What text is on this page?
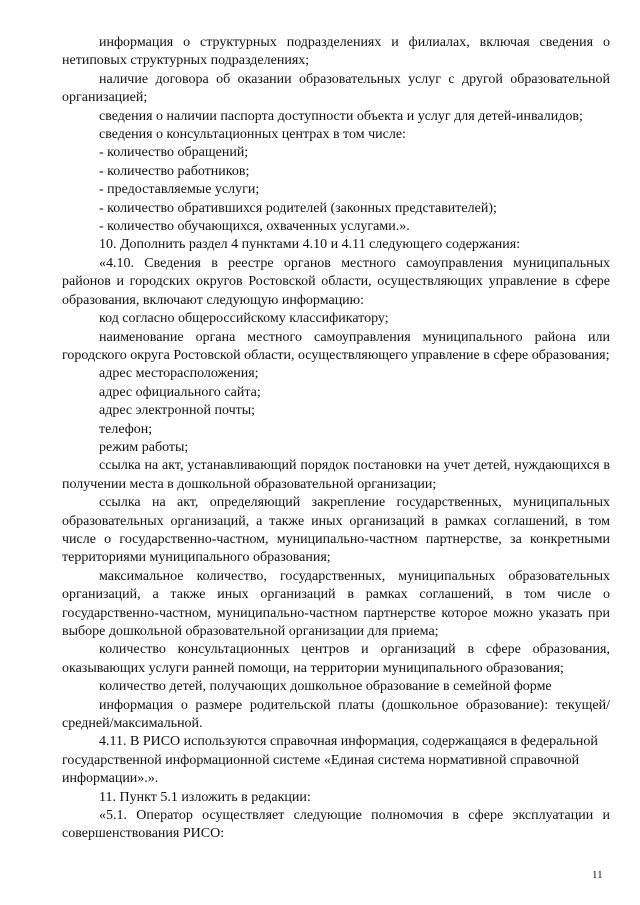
информация о структурных подразделениях и филиалах, включая сведения о нетиповых структурных подразделениях;

наличие договора об оказании образовательных услуг с другой образовательной организацией;

сведения о наличии паспорта доступности объекта и услуг для детей-инвалидов;

сведения о консультационных центрах в том числе:

- количество обращений;

- количество работников;

- предоставляемые услуги;

- количество обратившихся родителей (законных представителей);

- количество обучающихся, охваченных услугами.».

10. Дополнить раздел 4 пунктами 4.10 и 4.11 следующего содержания:

«4.10. Сведения в реестре органов местного самоуправления муниципальных районов и городских округов Ростовской области, осуществляющих управление в сфере образования, включают следующую информацию:

код согласно общероссийскому классификатору;

наименование органа местного самоуправления муниципального района или городского округа Ростовской области, осуществляющего управление в сфере образования;

адрес месторасположения;

адрес официального сайта;

адрес электронной почты;

телефон;

режим работы;

ссылка на акт, устанавливающий порядок постановки на учет детей, нуждающихся в получении места в дошкольной образовательной организации;

ссылка на акт, определяющий закрепление государственных, муниципальных образовательных организаций, а также иных организаций в рамках соглашений, в том числе о государственно-частном, муниципально-частном партнерстве, за конкретными территориями муниципального образования;

максимальное количество, государственных, муниципальных образовательных организаций, а также иных организаций в рамках соглашений, в том числе о государственно-частном, муниципально-частном партнерстве которое можно указать при выборе дошкольной образовательной организации для приема;

количество консультационных центров и организаций в сфере образования, оказывающих услуги ранней помощи, на территории муниципального образования;

количество детей, получающих дошкольное образование в семейной форме

информация о размере родительской платы (дошкольное образование): текущей/средней/максимальной.

4.11. В РИСО используются справочная информация, содержащаяся в федеральной государственной информационной системе «Единая система нормативной справочной информации».».

11. Пункт 5.1 изложить в редакции:

«5.1. Оператор осуществляет следующие полномочия в сфере эксплуатации и совершенствования РИСО:

11
